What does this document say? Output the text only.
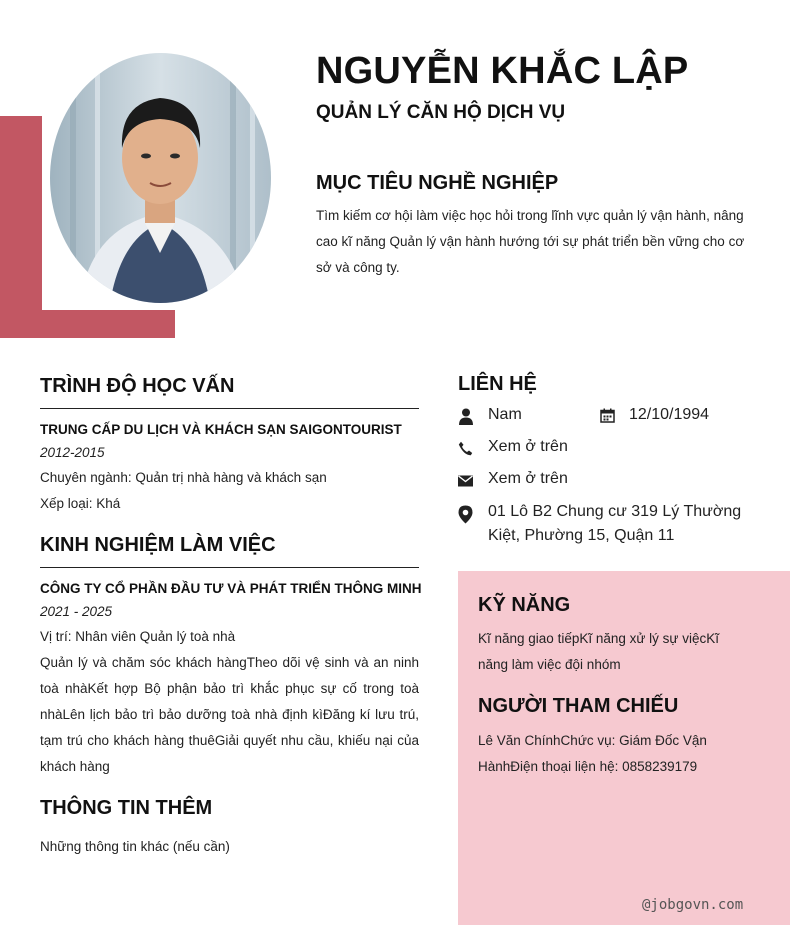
NGUYỄN KHẮC LẬP
QUẢN LÝ CĂN HỘ DỊCH VỤ
MỤC TIÊU NGHỀ NGHIỆP
Tìm kiếm cơ hội làm việc học hỏi trong lĩnh vực quản lý vận hành, nâng cao kĩ năng Quản lý vận hành hướng tới sự phát triển bền vững cho cơ sở và công ty.
TRÌNH ĐỘ HỌC VẤN
TRUNG CẤP DU LỊCH VÀ KHÁCH SẠN SAIGONTOURIST
2012-2015
Chuyên ngành: Quản trị nhà hàng và khách sạn
Xếp loại: Khá
KINH NGHIỆM LÀM VIỆC
CÔNG TY CỔ PHẦN ĐẦU TƯ VÀ PHÁT TRIỂN THÔNG MINH
2021 - 2025
Vị trí: Nhân viên Quản lý toà nhà
Quản lý và chăm sóc khách hàngTheo dõi vệ sinh và an ninh toà nhàKết hợp Bộ phận bảo trì khắc phục sự cố trong toà nhàLên lịch bảo trì bảo dưỡng toà nhà định kìĐăng kí lưu trú, tạm trú cho khách hàng thuêGiải quyết nhu cầu, khiếu nại của khách hàng
THÔNG TIN THÊM
Những thông tin khác (nếu cần)
LIÊN HỆ
Nam	12/10/1994
Xem ở trên
Xem ở trên
01 Lô B2 Chung cư 319 Lý Thường Kiệt, Phường 15, Quận 11
KỸ NĂNG
Kĩ năng giao tiếpKĩ năng xử lý sự việcKĩ năng làm việc đội nhóm
NGƯỜI THAM CHIẾU
Lê Văn ChínhChức vụ: Giám Đốc Vận HànhĐiện thoại liện hệ: 0858239179
@jobgovn.com
